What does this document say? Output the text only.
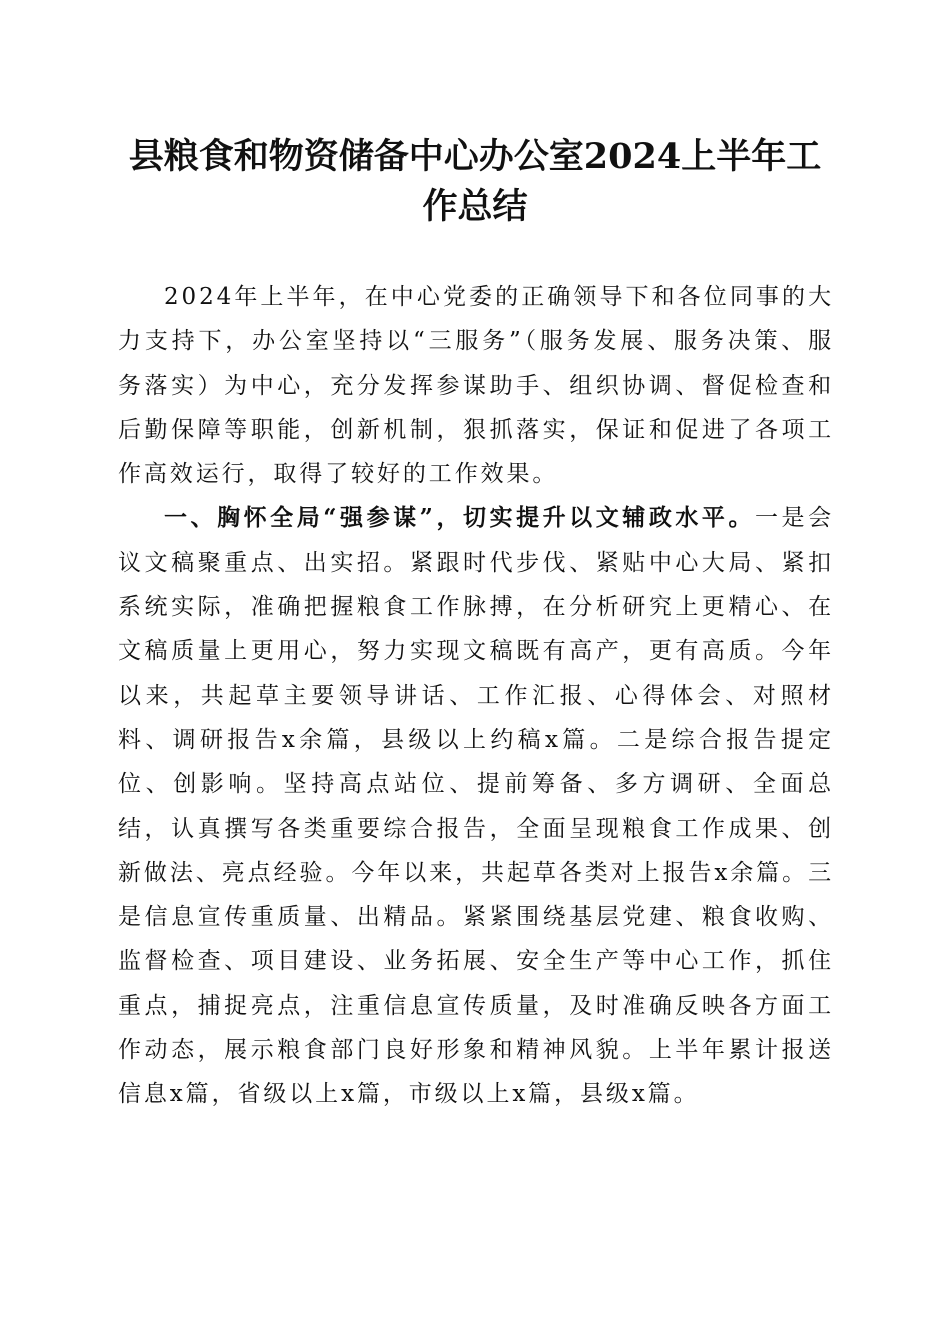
县粮食和物资储备中心办公室2024上半年工作总结

2024年上半年，在中心党委的正确领导下和各位同事的大力支持下，办公室坚持以“三服务”（服务发展、服务决策、服务落实）为中心，充分发挥参谋助手、组织协调、督促检查和后勤保障等职能，创新机制，狠抓落实，保证和促进了各项工作高效运行，取得了较好的工作效果。

一、胸怀全局“强参谋”，切实提升以文辅政水平。一是会议文稿聚重点、出实招。紧跟时代步伐、紧贴中心大局、紧扣系统实际，准确把握粮食工作脉搏，在分析研究上更精心、在文稿质量上更用心，努力实现文稿既有高产，更有高质。今年以来，共起草主要领导讲话、工作汇报、心得体会、对照材料、调研报告x余篇，县级以上约稿x篇。二是综合报告提定位、创影响。坚持高点站位、提前筹备、多方调研、全面总结，认真撰写各类重要综合报告，全面呈现粮食工作成果、创新做法、亮点经验。今年以来，共起草各类对上报告x余篇。三是信息宣传重质量、出精品。紧紧围绕基层党建、粮食收购、监督检查、项目建设、业务拓展、安全生产等中心工作，抓住重点，捕捉亮点，注重信息宣传质量，及时准确反映各方面工作动态，展示粮食部门良好形象和精神风貌。上半年累计报送信息x篇，省级以上x篇，市级以上x篇，县级x篇。
